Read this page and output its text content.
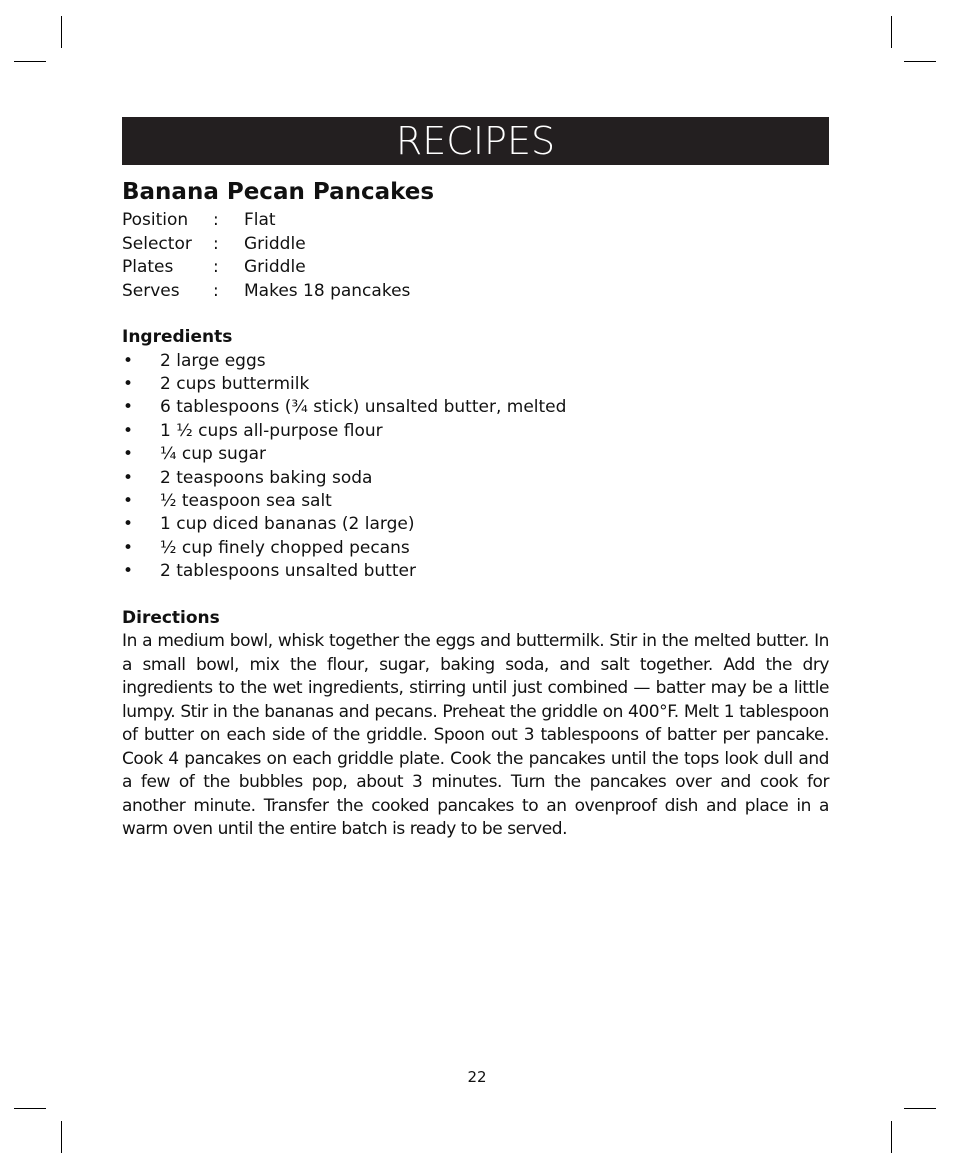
RECIPES
Banana Pecan Pancakes
Position	:	Flat
Selector	:	Griddle
Plates	:	Griddle
Serves	:	Makes 18 pancakes
Ingredients
•	2 large eggs
•	2 cups buttermilk
•	6 tablespoons (¾ stick) unsalted butter, melted
•	1 ½ cups all-purpose flour
•	¼ cup sugar
•	2 teaspoons baking soda
•	½ teaspoon sea salt
•	1 cup diced bananas (2 large)
•	½ cup finely chopped pecans
•	2 tablespoons unsalted butter
Directions

In a medium bowl, whisk together the eggs and buttermilk. Stir in the melted butter. In a small bowl, mix the flour, sugar, baking soda, and salt together. Add the dry ingredients to the wet ingredients, stirring until just combined — batter may be a little lumpy. Stir in the bananas and pecans. Preheat the griddle on 400°F. Melt 1 tablespoon of butter on each side of the griddle. Spoon out 3 tablespoons of batter per pancake. Cook 4 pancakes on each griddle plate. Cook the pancakes until the tops look dull and a few of the bubbles pop, about 3 minutes. Turn the pancakes over and cook for another minute. Transfer the cooked pancakes to an ovenproof dish and place in a warm oven until the entire batch is ready to be served.

22
